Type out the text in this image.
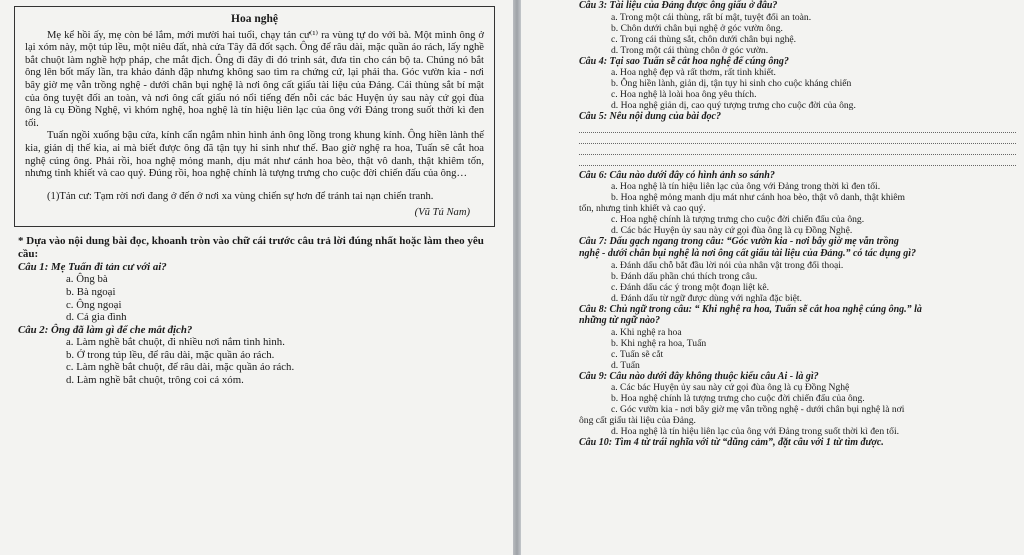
Hoa nghệ

Mẹ kể hồi ấy, mẹ còn bé lắm, mới mười hai tuổi, chạy tản cư⁽¹⁾ ra vùng tự do với bà. Một mình ông ở lại xóm này, một túp lều, một niêu đất, nhà cửa Tây đã đốt sạch. Ông để râu dài, mặc quần áo rách, lấy nghề bắt chuột làm nghề hợp pháp, che mắt địch. Ông đi đây đi đó trinh sát, đưa tin cho cán bộ ta. Chúng nó bắt ông lên bốt mấy lần, tra khảo đánh đập nhưng không sao tìm ra chứng cứ, lại phải tha. Góc vườn kia - nơi bây giờ mẹ vẫn trồng nghệ - dưới chân bụi nghệ là nơi ông cất giấu tài liệu của Đảng. Cái thùng sắt bí mật của ông tuyệt đối an toàn, và nơi ông cất giấu nó nổi tiếng đến nỗi các bác Huyện ủy sau này cứ gọi đùa ông là cụ Đồng Nghệ, vì khóm nghệ, hoa nghệ là tín hiệu liên lạc của ông với Đảng trong suốt thời kì đen tối.

Tuấn ngồi xuống bậu cửa, kính cẩn ngắm nhìn hình ảnh ông lồng trong khung kính. Ông hiền lành thế kia, giản dị thế kia, ai mà biết được ông đã tận tụy hi sinh như thế. Bao giờ nghệ ra hoa, Tuấn sẽ cắt hoa nghệ cúng ông. Phải rồi, hoa nghệ mỏng manh, dịu mát như cánh hoa bèo, thật vô danh, thật khiêm tốn, nhưng tinh khiết và cao quý. Đúng rồi, hoa nghệ chính là tượng trưng cho cuộc đời chiến đấu của ông…

(1)Tản cư: Tạm rời nơi đang ở đến ở nơi xa vùng chiến sự hơn để tránh tai nạn chiến tranh.

(Vũ Tú Nam)
* Dựa vào nội dung bài đọc, khoanh tròn vào chữ cái trước câu trả lời đúng nhất hoặc làm theo yêu cầu:
Câu 1: Mẹ Tuấn đi tản cư với ai?
a. Ông bà
b. Bà ngoại
c. Ông ngoại
d. Cả gia đình
Câu 2: Ông đã làm gì để che mắt địch?
a. Làm nghề bắt chuột, đi nhiều nơi nắm tình hình.
b. Ở trong túp lều, để râu dài, mặc quần áo rách.
c. Làm nghề bắt chuột, để râu dài, mặc quần áo rách.
d. Làm nghề bắt chuột, trông coi cả xóm.
Câu 3: Tài liệu của Đảng được ông giấu ở đâu?
a. Trong một cái thùng, rất bí mật, tuyệt đối an toàn.
b. Chôn dưới chân bụi nghệ ở góc vườn ông.
c. Trong cái thùng sắt, chôn dưới chân bụi nghệ.
d. Trong một cái thùng chôn ở góc vườn.
Câu 4: Tại sao Tuấn sẽ cắt hoa nghệ để cúng ông?
a. Hoa nghệ đẹp và rất thơm, rất tinh khiết.
b. Ông hiền lành, giản dị, tận tụy hi sinh cho cuộc kháng chiến
c. Hoa nghệ là loài hoa ông yêu thích.
d. Hoa nghệ giản dị, cao quý tượng trưng cho cuộc đời của ông.
Câu 5: Nêu nội dung của bài đọc?
Câu 6: Câu nào dưới đây có hình ảnh so sánh?
a. Hoa nghệ là tín hiệu liên lạc của ông với Đảng trong thời kì đen tối.
b. Hoa nghệ mỏng manh dịu mát như cánh hoa bèo, thật vô danh, thật khiêm
tốn, nhưng tinh khiết và cao quý.
c. Hoa nghệ chính là tượng trưng cho cuộc đời chiến đấu của ông.
d. Các bác Huyện ủy sau này cứ gọi đùa ông là cụ Đồng Nghệ.
Câu 7: Dấu gạch ngang trong câu: “Góc vườn kia - nơi bây giờ mẹ vẫn trồng
nghệ - dưới chân bụi nghệ là nơi ông cất giấu tài liệu của Đảng.” có tác dụng gì?
a. Đánh dấu chỗ bắt đầu lời nói của nhân vật trong đối thoại.
b. Đánh dấu phần chú thích trong câu.
c. Đánh dấu các ý trong một đoạn liệt kê.
d. Đánh dấu từ ngữ được dùng với nghĩa đặc biệt.
Câu 8: Chủ ngữ trong câu: “ Khi nghệ ra hoa, Tuấn sẽ cắt hoa nghệ cúng ông.” là
những từ ngữ nào?
a. Khi nghệ ra hoa
b. Khi nghệ ra hoa, Tuấn
c. Tuấn sẽ cắt
d. Tuấn
Câu 9: Câu nào dưới đây không thuộc kiểu câu Ai - là gì?
a. Các bác Huyện ủy sau này cứ gọi đùa ông là cụ Đồng Nghệ
b. Hoa nghệ chính là tượng trưng cho cuộc đời chiến đấu của ông.
c. Góc vườn kia - nơi bây giờ mẹ vẫn trồng nghệ - dưới chân bụi nghệ là nơi
ông cất giấu tài liệu của Đảng.
d. Hoa nghệ là tín hiệu liên lạc của ông với Đảng trong suốt thời kì đen tối.
Câu 10: Tìm 4 từ trái nghĩa với từ “dũng cảm”, đặt câu với 1 từ tìm được.
